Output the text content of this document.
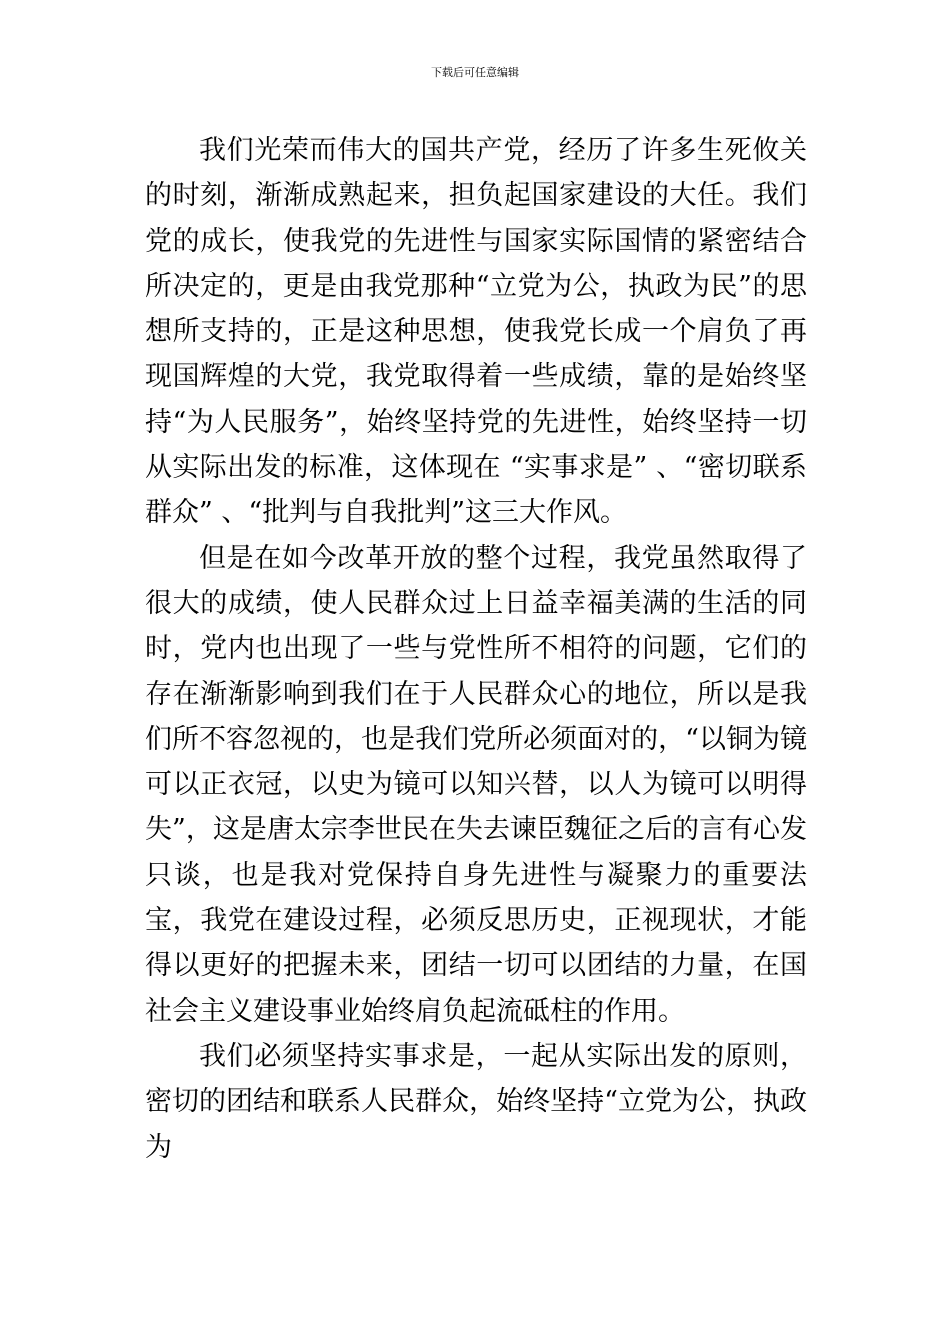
下载后可任意编辑

我们光荣而伟大的国共产党，经历了许多生死攸关的时刻，渐渐成熟起来，担负起国家建设的大任。我们党的成长，使我党的先进性与国家实际国情的紧密结合所决定的，更是由我党那种“立党为公，执政为民”的思想所支持的，正是这种思想，使我党长成一个肩负了再现国辉煌的大党，我党取得着一些成绩，靠的是始终坚持“为人民服务”，始终坚持党的先进性，始终坚持一切从实际出发的标准，这体现在 “实事求是” 、“密切联系群众” 、“批判与自我批判”这三大作风。

但是在如今改革开放的整个过程，我党虽然取得了很大的成绩，使人民群众过上日益幸福美满的生活的同时，党内也出现了一些与党性所不相符的问题，它们的存在渐渐影响到我们在于人民群众心的地位，所以是我们所不容忽视的，也是我们党所必须面对的，“以铜为镜可以正衣冠，以史为镜可以知兴替，以人为镜可以明得失”，这是唐太宗李世民在失去谏臣魏征之后的言有心发只谈，也是我对党保持自身先进性与凝聚力的重要法宝，我党在建设过程，必须反思历史，正视现状，才能得以更好的把握未来，团结一切可以团结的力量，在国社会主义建设事业始终肩负起流砥柱的作用。

我们必须坚持实事求是，一起从实际出发的原则，密切的团结和联系人民群众，始终坚持“立党为公，执政为
